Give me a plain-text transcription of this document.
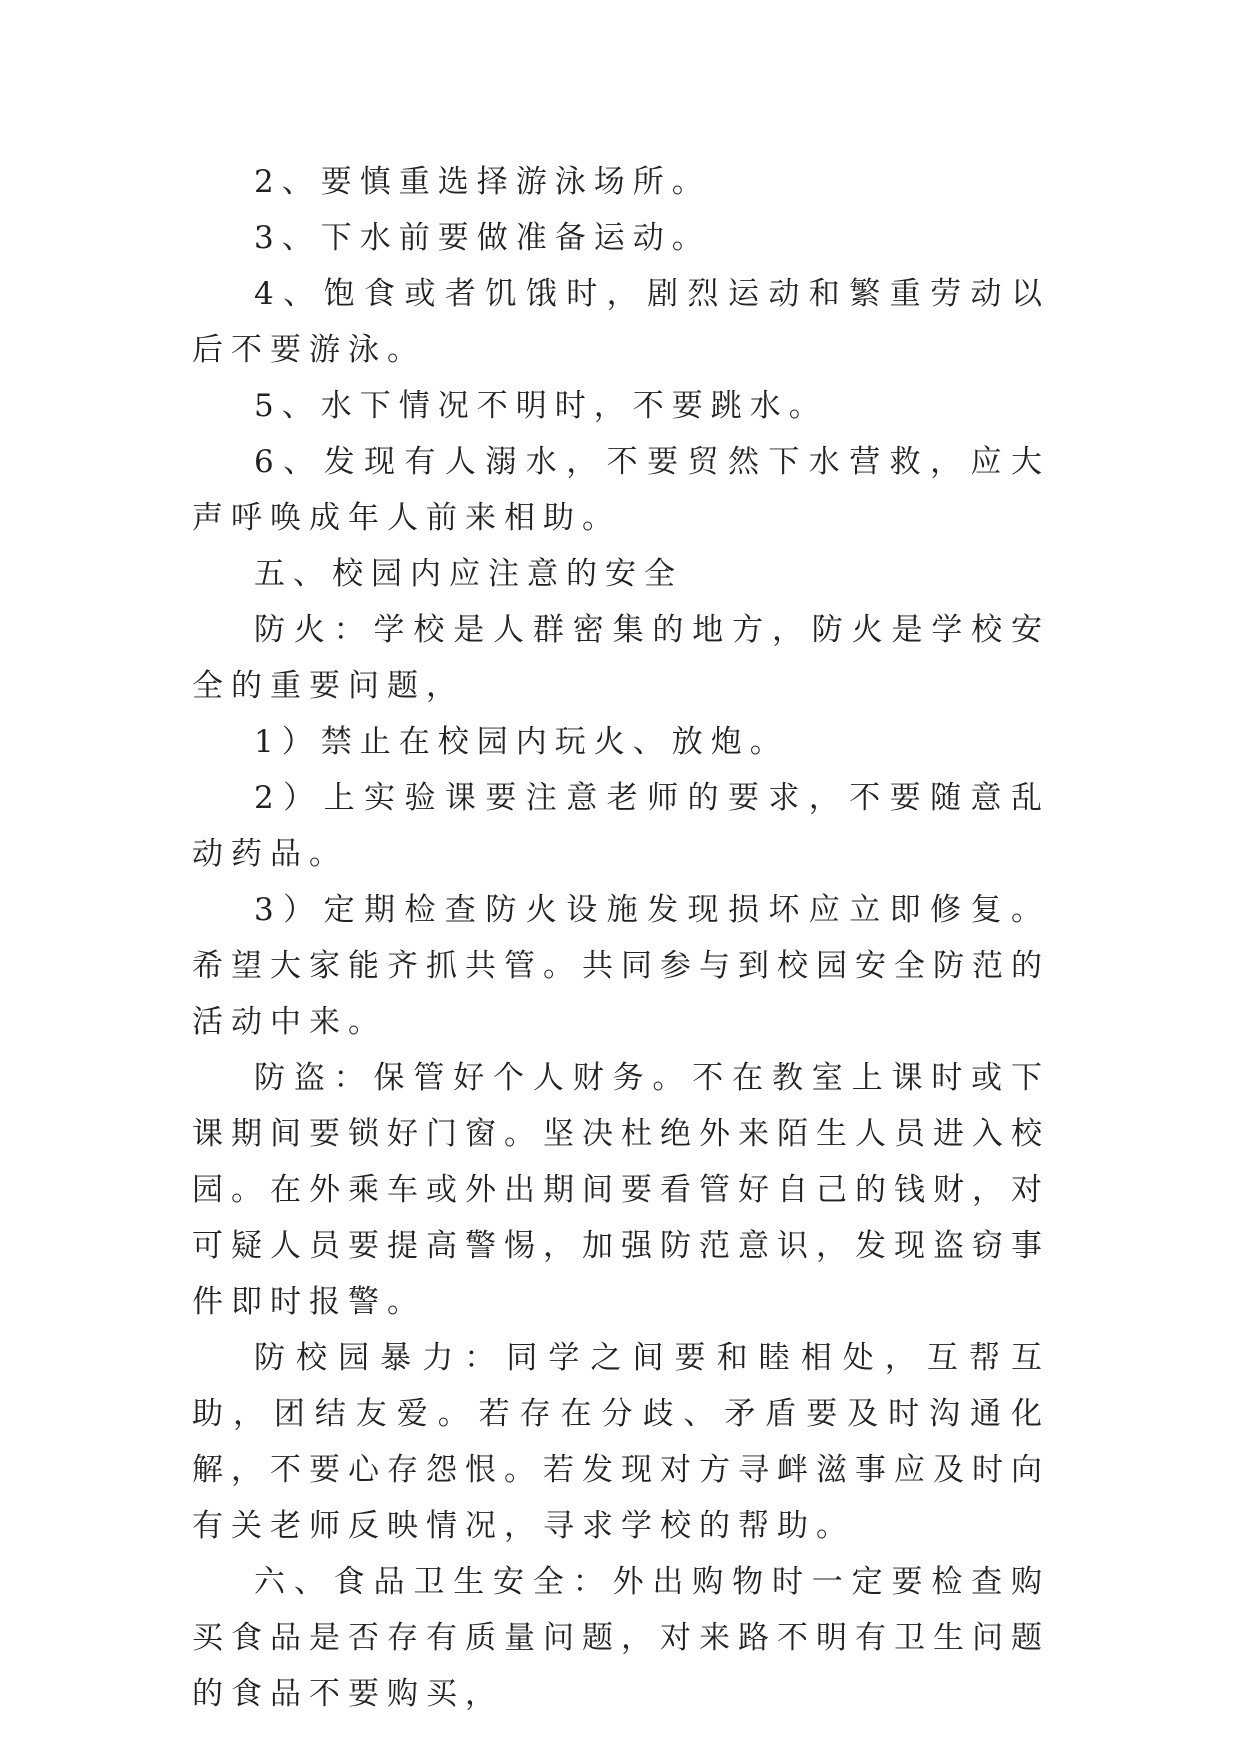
2、要慎重选择游泳场所。

3、下水前要做准备运动。

4、饱食或者饥饿时，剧烈运动和繁重劳动以后不要游泳。

5、水下情况不明时，不要跳水。

6、发现有人溺水，不要贸然下水营救，应大声呼唤成年人前来相助。

五、校园内应注意的安全

防火：学校是人群密集的地方，防火是学校安全的重要问题，

1）禁止在校园内玩火、放炮。

2）上实验课要注意老师的要求，不要随意乱动药品。

3）定期检查防火设施发现损坏应立即修复。希望大家能齐抓共管。共同参与到校园安全防范的活动中来。

防盗：保管好个人财务。不在教室上课时或下课期间要锁好门窗。坚决杜绝外来陌生人员进入校园。在外乘车或外出期间要看管好自己的钱财，对可疑人员要提高警惕，加强防范意识，发现盗窃事件即时报警。

防校园暴力：同学之间要和睦相处，互帮互助，团结友爱。若存在分歧、矛盾要及时沟通化解，不要心存怨恨。若发现对方寻衅滋事应及时向有关老师反映情况，寻求学校的帮助。

六、食品卫生安全：外出购物时一定要检查购买食品是否存有质量问题，对来路不明有卫生问题的食品不要购买，
